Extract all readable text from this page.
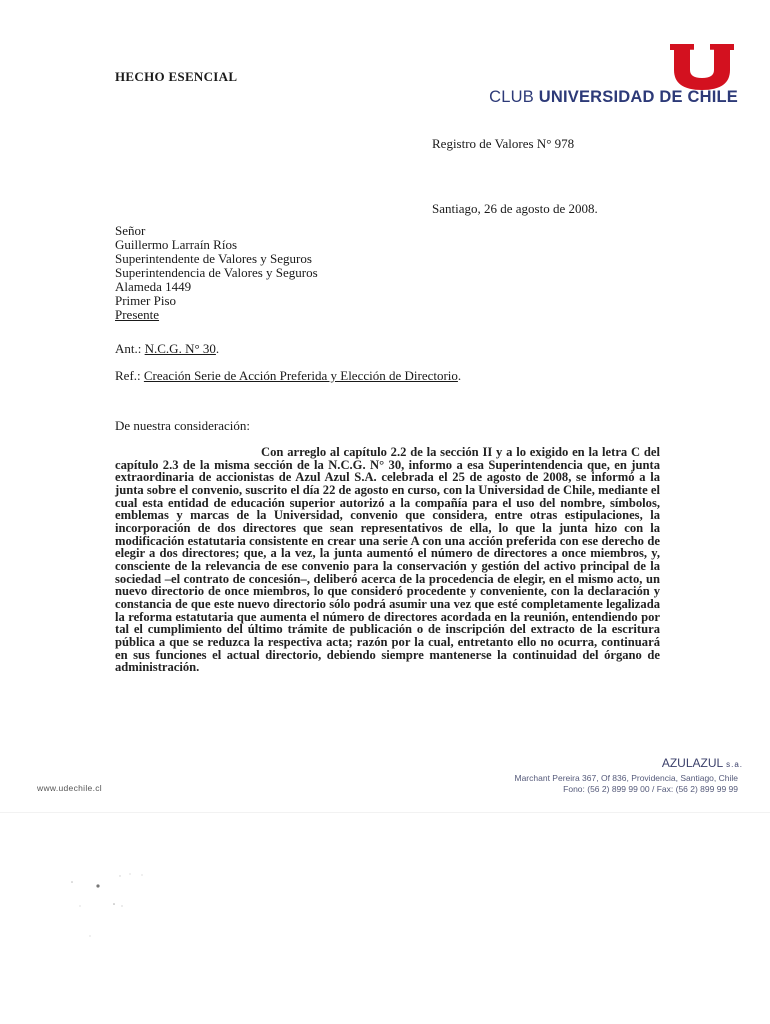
HECHO ESENCIAL
CLUB UNIVERSIDAD DE CHILE
Registro de Valores N° 978
Santiago, 26 de agosto de 2008.
Señor
Guillermo Larraín Ríos
Superintendente de Valores y Seguros
Superintendencia de Valores y Seguros
Alameda 1449
Primer Piso
Presente
Ant.: N.C.G. N° 30.
Ref.: Creación Serie de Acción Preferida y Elección de Directorio.
De nuestra consideración:
Con arreglo al capítulo 2.2 de la sección II y a lo exigido en la letra C del capítulo 2.3 de la misma sección de la N.C.G. N° 30, informo a esa Superintendencia que, en junta extraordinaria de accionistas de Azul Azul S.A. celebrada el 25 de agosto de 2008, se informó a la junta sobre el convenio, suscrito el día 22 de agosto en curso, con la Universidad de Chile, mediante el cual esta entidad de educación superior autorizó a la compañía para el uso del nombre, símbolos, emblemas y marcas de la Universidad, convenio que considera, entre otras estipulaciones, la incorporación de dos directores que sean representativos de ella, lo que la junta hizo con la modificación estatutaria consistente en crear una serie A con una acción preferida con ese derecho de elegir a dos directores; que, a la vez, la junta aumentó el número de directores a once miembros, y, consciente de la relevancia de ese convenio para la conservación y gestión del activo principal de la sociedad –el contrato de concesión–, deliberó acerca de la procedencia de elegir, en el mismo acto, un nuevo directorio de once miembros, lo que consideró procedente y conveniente, con la declaración y constancia de que este nuevo directorio sólo podrá asumir una vez que esté completamente legalizada la reforma estatutaria que aumenta el número de directores acordada en la reunión, entendiendo por tal el cumplimiento del último trámite de publicación o de inscripción del extracto de la escritura pública a que se reduzca la respectiva acta; razón por la cual, entretanto ello no ocurra, continuará en sus funciones el actual directorio, debiendo siempre mantenerse la continuidad del órgano de administración.
AZULAZUL s.a.
Marchant Pereira 367, Of 836, Providencia, Santiago, Chile
Fono: (56 2) 899 99 00 / Fax: (56 2) 899 99 99
www.udechile.cl
